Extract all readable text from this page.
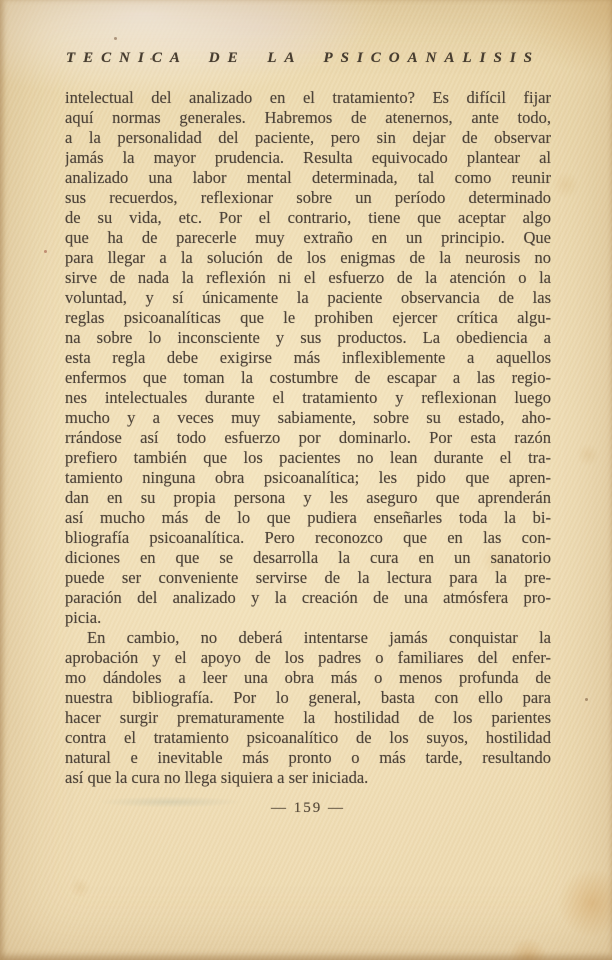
TECNICA DE LA PSICOANALISIS
intelectual del analizado en el tratamiento? Es difícil fijar
aquí normas generales. Habremos de atenernos, ante todo,
a la personalidad del paciente, pero sin dejar de observar
jamás la mayor prudencia. Resulta equivocado plantear al
analizado una labor mental determinada, tal como reunir
sus recuerdos, reflexionar sobre un período determinado
de su vida, etc. Por el contrario, tiene que aceptar algo
que ha de parecerle muy extraño en un principio. Que
para llegar a la solución de los enigmas de la neurosis no
sirve de nada la reflexión ni el esfuerzo de la atención o la
voluntad, y sí únicamente la paciente observancia de las
reglas psicoanalíticas que le prohiben ejercer crítica algu-
na sobre lo inconsciente y sus productos. La obediencia a
esta regla debe exigirse más inflexiblemente a aquellos
enfermos que toman la costumbre de escapar a las regio-
nes intelectuales durante el tratamiento y reflexionan luego
mucho y a veces muy sabiamente, sobre su estado, aho-
rrándose así todo esfuerzo por dominarlo. Por esta razón
prefiero también que los pacientes no lean durante el tra-
tamiento ninguna obra psicoanalítica; les pido que apren-
dan en su propia persona y les aseguro que aprenderán
así mucho más de lo que pudiera enseñarles toda la bi-
bliografía psicoanalítica. Pero reconozco que en las con-
diciones en que se desarrolla la cura en un sanatorio
puede ser conveniente servirse de la lectura para la pre-
paración del analizado y la creación de una atmósfera pro-
picia.
En cambio, no deberá intentarse jamás conquistar la
aprobación y el apoyo de los padres o familiares del enfer-
mo dándoles a leer una obra más o menos profunda de
nuestra bibliografía. Por lo general, basta con ello para
hacer surgir prematuramente la hostilidad de los parientes
contra el tratamiento psicoanalítico de los suyos, hostilidad
natural e inevitable más pronto o más tarde, resultando
así que la cura no llega siquiera a ser iniciada.
— 159 —
